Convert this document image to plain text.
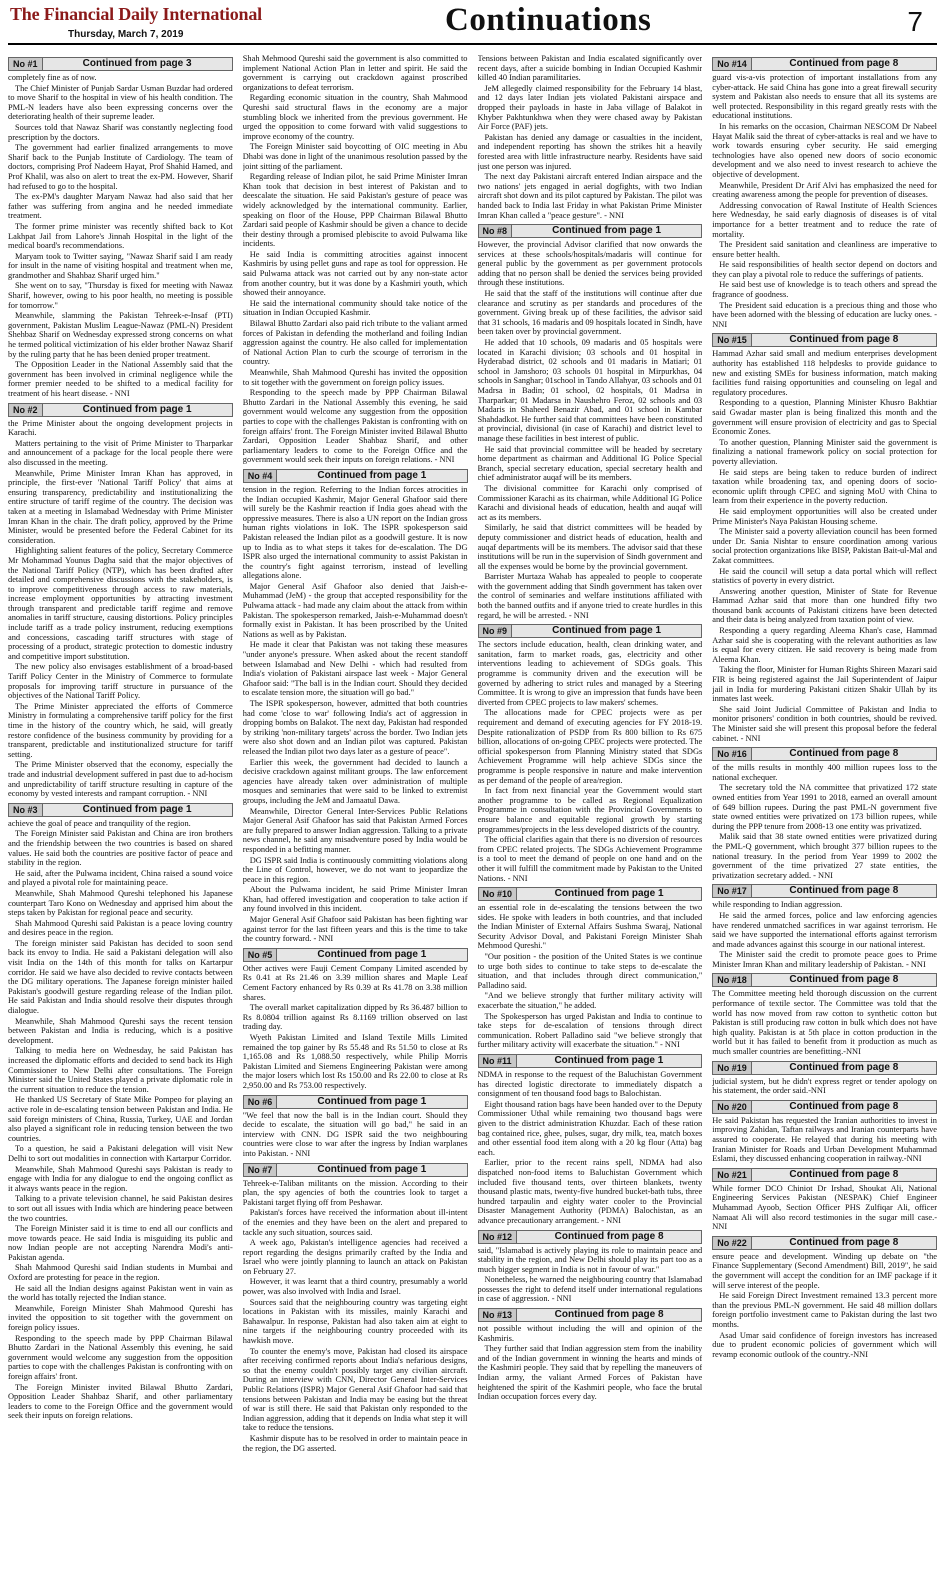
The Financial Daily International
Thursday, March 7, 2019	Continuations	7
No #1	Continued from page 3

completely fine as of now.

The Chief Minister of Punjab Sardar Usman Buzdar had ordered to move Sharif to the hospital in view of his health condition. The PML-N leaders have also been expressing concerns over the deteriorating health of their supreme leader.

Sources told that Nawaz Sharif was constantly neglecting food prescription by the doctors.

The government had earlier finalized arrangements to move Sharif back to the Punjab Institute of Cardiology. The team of doctors, comprising Prof Nadeem Hayat, Prof Shahid Hamed, and Prof Khalil, was also on alert to treat the ex-PM. However, Sharif had refused to go to the hospital.

The ex-PM's daughter Maryam Nawaz had also said that her father was suffering from angina and he needed immediate treatment.

The former prime minister was recently shifted back to Kot Lakhpat Jail from Lahore's Jinnah Hospital in the light of the medical board's recommendations.

Maryam took to Twitter saying, "Nawaz Sharif said I am ready for insult in the name of visiting hospital and treatment when me, grandmother and Shahbaz Sharif urged him."

She went on to say, "Thursday is fixed for meeting with Nawaz Sharif, however, owing to his poor health, no meeting is possible for tomorrow."

Meanwhile, slamming the Pakistan Tehreek-e-Insaf (PTI) government, Pakistan Muslim League-Nawaz (PML-N) President Shehbaz Sharif on Wednesday expressed strong concerns on what he termed political victimization of his elder brother Nawaz Sharif by the ruling party that he has been denied proper treatment.

The Opposition Leader in the National Assembly said that the government has been involved in criminal negligence while the former premier needed to be shifted to a medical facility for treatment of his heart disease. - NNI

No #2	Continued from page 1

the Prime Minister about the ongoing development projects in Karachi.

Matters pertaining to the visit of Prime Minister to Tharparkar and announcement of a package for the local people there were also discussed in the meeting.

Meanwhile, Prime Minister Imran Khan has approved, in principle, the first-ever 'National Tariff Policy' that aims at ensuring transparency, predictability and institutionalizing the entire structure of tariff regime of the country. The decision was taken at a meeting in Islamabad Wednesday with Prime Minister Imran Khan in the chair. The draft policy, approved by the Prime Minister, would be presented before the Federal Cabinet for its consideration.

Highlighting salient features of the policy, Secretary Commerce Mr Mohammad Younus Dagha said that the major objectives of the National Tariff Policy (NTP), which has been drafted after detailed and comprehensive discussions with the stakeholders, is to improve competitiveness through access to raw materials, increase employment opportunities by attracting investment through transparent and predictable tariff regime and remove anomalies in tariff structure, causing distortions. Policy principles include tariff as a trade policy instrument, reducing exemptions and concessions, cascading tariff structures with stage of processing of a product, strategic protection to domestic industry and competitive import substitution.

The new policy also envisages establishment of a broad-based Tariff Policy Center in the Ministry of Commerce to formulate proposals for improving tariff structure in pursuance of the objectives of the National Tariff Policy.

The Prime Minister appreciated the efforts of Commerce Ministry in formulating a comprehensive tariff policy for the first time in the history of the country which, he said, will greatly restore confidence of the business community by providing for a transparent, predictable and institutionalized structure for tariff setting.

The Prime Minister observed that the economy, especially the trade and industrial development suffered in past due to ad-hocism and unpredictability of tariff structure resulting in capture of the economy by vested interests and rampant corruption. - NNI

No #3	Continued from page 1

achieve the goal of peace and tranquility of the region.

The Foreign Minister said Pakistan and China are iron brothers and the friendship between the two countries is based on shared values. He said both the countries are positive factor of peace and stability in the region.

He said, after the Pulwama incident, China raised a sound voice and played a pivotal role for maintaining peace.

Meanwhile, Shah Mahmood Qureshi telephoned his Japanese counterpart Taro Kono on Wednesday and apprised him about the steps taken by Pakistan for regional peace and security.

Shah Mahmood Qureshi said Pakistan is a peace loving country and desires peace in the region.

The foreign minister said Pakistan has decided to soon send back its envoy to India. He said a Pakistani delegation will also visit India on the 14th of this month for talks on Kartarpur corridor. He said we have also decided to revive contacts between the DG military operations. The Japanese foreign minister hailed Pakistan's goodwill gesture regarding release of the Indian pilot. He said Pakistan and India should resolve their disputes through dialogue.

Meanwhile, Shah Mahmood Qureshi says the recent tension between Pakistan and India is reducing, which is a positive development.

Talking to media here on Wednesday, he said Pakistan has increased the diplomatic efforts and decided to send back its High Commissioner to New Delhi after consultations. The Foreign Minister said the United States played a private diplomatic role in the current situation to reduce the tension.

He thanked US Secretary of State Mike Pompeo for playing an active role in de-escalating tension between Pakistan and India. He said foreign ministers of China, Russia, Turkey, UAE and Jordan also played a significant role in reducing tension between the two countries.

To a question, he said a Pakistani delegation will visit New Delhi to sort out modalities in connection with Kartarpur Corridor.

Meanwhile, Shah Mahmood Qureshi says Pakistan is ready to engage with India for any dialogue to end the ongoing conflict as it always wants peace in the region.

Talking to a private television channel, he said Pakistan desires to sort out all issues with India which are hindering peace between the two countries.

The Foreign Minister said it is time to end all our conflicts and move towards peace. He said India is misguiding its public and now Indian people are not accepting Narendra Modi's anti-Pakistan agenda.

Shah Mahmood Qureshi said Indian students in Mumbai and Oxford are protesting for peace in the region.

He said all the Indian designs against Pakistan went in vain as the world has totally rejected the Indian stance.

Meanwhile, Foreign Minister Shah Mahmood Qureshi has invited the opposition to sit together with the government on foreign policy issues.

Responding to the speech made by PPP Chairman Bilawal Bhutto Zardari in the National Assembly this evening, he said government would welcome any suggestion from the opposition parties to cope with the challenges Pakistan is confronting with on foreign affairs' front.

The Foreign Minister invited Bilawal Bhutto Zardari, Opposition Leader Shahbaz Sharif, and other parliamentary leaders to come to the Foreign Office and the government would seek their inputs on foreign relations.

Shah Mehmood Qureshi said the government is also committed to implement National Action Plan in letter and spirit. He said the government is carrying out crackdown against proscribed organizations to defeat terrorism.

Regarding economic situation in the country, Shah Mahmood Qureshi said structural flaws in the economy are a major stumbling block we inherited from the previous government. He urged the opposition to come forward with valid suggestions to improve economy of the country.

The Foreign Minister said boycotting of OIC meeting in Abu Dhabi was done in light of the unanimous resolution passed by the joint sitting of the parliament.

Regarding release of Indian pilot, he said Prime Minister Imran Khan took that decision in best interest of Pakistan and to deescalate the situation. He said Pakistan's gesture of peace was widely acknowledged by the international community. Earlier, speaking on floor of the House, PPP Chairman Bilawal Bhutto Zardari said people of Kashmir should be given a chance to decide their destiny through a promised plebiscite to avoid Pulwama like incidents.

He said India is committing atrocities against innocent Kashmiris by using pellet guns and rape as tool for oppression. He said Pulwama attack was not carried out by any non-state actor from another country, but it was done by a Kashmiri youth, which showed their annoyance.

He said the international community should take notice of the situation in Indian Occupied Kashmir.

Bilawal Bhutto Zardari also paid rich tribute to the valiant armed forces of Pakistan in defending the motherland and foiling Indian aggression against the country. He also called for implementation of National Action Plan to curb the scourge of terrorism in the country.

Meanwhile, Shah Mahmood Qureshi has invited the opposition to sit together with the government on foreign policy issues.

Responding to the speech made by PPP Chairman Bilawal Bhutto Zardari in the National Assembly this evening, he said government would welcome any suggestion from the opposition parties to cope with the challenges Pakistan is confronting with on foreign affairs' front. The Foreign Minister invited Bilawal Bhutto Zardari, Opposition Leader Shahbaz Sharif, and other parliamentary leaders to come to the Foreign Office and the government would seek their inputs on foreign relations. - NNI

No #4	Continued from page 1

tension in the region. Referring to the Indian forces atrocities in the Indian occupied Kashmir, Major General Ghafoor said there will surely be the Kashmir reaction if India goes ahead with the oppressive measures. There is also a UN report on the Indian gross human rights violations in IoK. The ISPR spokesperson said Pakistan released the Indian pilot as a goodwill gesture. It is now up to India as to what steps it takes for de-escalation. The DG ISPR also urged the international community to assist Pakistan in the country's fight against terrorism, instead of levelling allegations alone.

Major General Asif Ghafoor also denied that Jaish-e-Muhammad (JeM) - the group that accepted responsibility for the Pulwama attack - had made any claim about the attack from within Pakistan. The spokesperson remarked, Jaish-e-Muhammad doesn't formally exist in Pakistan. It has been proscribed by the United Nations as well as by Pakistan.

He made it clear that Pakistan was not taking these measures "under anyone's pressure. When asked about the recent standoff between Islamabad and New Delhi - which had resulted from India's violation of Pakistani airspace last week - Major General Ghafoor said: "The ball is in the Indian court. Should they decided to escalate tension more, the situation will go bad."

The ISPR spokesperson, however, admitted that both countries had come 'close to war' following India's act of aggression in dropping bombs on Balakot. The next day, Pakistan had responded by striking 'non-military targets' across the border. Two Indian jets were also shot down and an Indian pilot was captured. Pakistan released the Indian pilot two days later as a gesture of peace".

Earlier this week, the government had decided to launch a decisive crackdown against militant groups. The law enforcement agencies have already taken over administration of multiple mosques and seminaries that were said to be linked to extremist groups, including the JeM and Jamaatul Dawa.

Meanwhile, Director General Inter-Services Public Relations Major General Asif Ghafoor has said that Pakistan Armed Forces are fully prepared to answer Indian aggression. Talking to a private news channel, he said any misadventure posed by India would be responded in a befitting manner.

DG ISPR said India is continuously committing violations along the Line of Control, however, we do not want to jeopardize the peace in this region.

About the Pulwama incident, he said Prime Minister Imran Khan, had offered investigation and cooperation to take action if any found involved in this incident.

Major General Asif Ghafoor said Pakistan has been fighting war against terror for the last fifteen years and this is the time to take the country forward. - NNI

No #5	Continued from page 1

Other actives were Fauji Cement Company Limited ascended by Rs 0.41 at Rs 21.46 on 3.39 million shares and Maple Leaf Cement Factory enhanced by Rs 0.39 at Rs 41.78 on 3.38 million shares.

The overall market capitalization dipped by Rs 36.487 billion to Rs 8.0804 trillion against Rs 8.1169 trillion observed on last trading day.

Wyeth Pakistan Limited and Island Textile Mills Limited remained the top gainer by Rs 55.48 and Rs 51.50 to close at Rs 1,165.08 and Rs 1,088.50 respectively, while Philip Morris Pakistan Limited and Siemens Engineering Pakistan were among the major losers which lost Rs 150.00 and Rs 22.00 to close at Rs 2,950.00 and Rs 753.00 respectively.

No #6	Continued from page 1

"We feel that now the ball is in the Indian court. Should they decide to escalate, the situation will go bad," he said in an interview with CNN. DG ISPR said the two neighbouring countries were close to war after the ingress by Indian warplanes into Pakistan. - NNI

No #7	Continued from page 1

Tehreek-e-Taliban militants on the mission. According to their plan, the spy agencies of both the countries look to target a Pakistani target flying off from Peshawar.

Pakistan's forces have received the information about ill-intent of the enemies and they have been on the alert and prepared to tackle any such situation, sources said.

A week ago, Pakistan's intelligence agencies had received a report regarding the designs primarily crafted by the India and Israel who were jointly planning to launch an attack on Pakistan on February 27.

However, it was learnt that a third country, presumably a world power, was also involved with India and Israel.

Sources said that the neighbouring country was targeting eight locations in Pakistan with its missiles, mainly Karachi and Bahawalpur. In response, Pakistan had also taken aim at eight to nine targets if the neighbouring country proceeded with its hawkish move.

To counter the enemy's move, Pakistan had closed its airspace after receiving confirmed reports about India's nefarious designs, so that the enemy couldn't possibly target any civilian aircraft. During an interview with CNN, Director General Inter-Services Public Relations (ISPR) Major General Asif Ghafoor had said that tensions between Pakistan and India may be easing but the threat of war is still there. He said that Pakistan only responded to the Indian aggression, adding that it depends on India what step it will take to reduce the tensions.

Kashmir dispute has to be resolved in order to maintain peace in the region, the DG asserted.

Tensions between Pakistan and India escalated significantly over recent days, after a suicide bombing in Indian Occupied Kashmir killed 40 Indian paramilitaries.

JeM allegedly claimed responsibility for the February 14 blast, and 12 days later Indian jets violated Pakistani airspace and dropped their payloads in haste in Jaba village of Balakot in Khyber Pakhtunkhwa when they were chased away by Pakistan Air Force (PAF) jets.

Pakistan has denied any damage or casualties in the incident, and independent reporting has shown the strikes hit a heavily forested area with little infrastructure nearby. Residents have said just one person was injured.

The next day Pakistani aircraft entered Indian airspace and the two nations' jets engaged in aerial dogfights, with two Indian aircraft shot down and its pilot captured by Pakistan. The pilot was handed back to India last Friday in what Pakistan Prime Minister Imran Khan called a "peace gesture". - NNI

No #8	Continued from page 1

However, the provincial Advisor clarified that now onwards the services at these schools/hospitals/madaris will continue for general public by the government as per government protocols adding that no person shall be denied the services being provided through these institutions.

He said that the staff of the institutions will continue after due clearance and scrutiny as per standards and procedures of the government. Giving break up of these facilities, the advisor said that 31 schools, 16 madaris and 09 hospitals located in Sindh, have been taken over by provincial government.

He added that 10 schools, 09 madaris and 05 hospitals were located in Karachi division; 03 schools and 01 hospital in Hyderabad district, 02 schools and 01 madaris in Matiari; 01 school in Jamshoro; 03 schools 01 hospital in Mirpurkhas, 04 schools in Sanghar; 01school in Tando Allahyar, 03 schools and 01 Madrsa in Badin; 01 school, 02 hospitals, 01 Madrsa in Tharparkar; 01 Madarsa in Naushehro Feroz, 02 schools and 03 Madaris in Shaheed Benazir Abad, and 01 school in Kambar Shahdadkot. He further said that committees have been constituted at provincial, divisional (in case of Karachi) and district level to manage these facilities in best interest of public.

He said that provincial committee will be headed by secretary home department as chairman and Additional IG Police Special Branch, special secretary education, special secretary health and chief administrator auqaf will be its members.

The divisional committee for Karachi only comprised of Commissioner Karachi as its chairman, while Additional IG Police Karachi and divisional heads of education, health and auqaf will act as its members.

Similarly, he said that district committees will be headed by deputy commissioner and district heads of education, health and auqaf departments will be its members. The advisor said that these institutions will be run in the supervision of Sindh government and all the expenses would be borne by the provincial government.

Barrister Murtaza Wahab has appealed to people to cooperate with the government adding that Sindh government has taken over the control of seminaries and welfare institutions affiliated with both the banned outfits and if anyone tried to create hurdles in this regard, he will be arrested. - NNI

No #9	Continued from page 1

The sectors include education, health, clean drinking water, and sanitation, farm to market roads, gas, electricity and other interventions leading to achievement of SDGs goals. This programme is community driven and the execution will be governed by adhering to strict rules and managed by a Steering Committee. It is wrong to give an impression that funds have been diverted from CPEC projects to law makers' schemes.

The allocations made for CPEC projects were as per requirement and demand of executing agencies for FY 2018-19. Despite rationalization of PSDP from Rs 800 billion to Rs 675 billion, allocations of on-going CPEC projects were protected. The official spokesperson from Planning Ministry stated that SDGs Achievement Programme will help achieve SDGs since the programme is people responsive in nature and make intervention as per demand of the people of area/region.

In fact from next financial year the Government would start another programme to be called as Regional Equalization Programme in consultation with the Provincial Governments to ensure balance and equitable regional growth by starting programmes/projects in the less developed districts of the country.

The official clarifies again that there is no diversion of resources from CPEC related projects. The SDGs Achievement Programme is a tool to meet the demand of people on one hand and on the other it will fulfill the commitment made by Pakistan to the United Nations. - NNI

No #10	Continued from page 1

an essential role in de-escalating the tensions between the two sides. He spoke with leaders in both countries, and that included the Indian Minister of External Affairs Sushma Swaraj, National Security Advisor Doval, and Pakistani Foreign Minister Shah Mehmood Qureshi."

"Our position - the position of the United States is we continue to urge both sides to continue to take steps to de-escalate the situation, and that includes through direct communication," Palladino said.

"And we believe strongly that further military activity will exacerbate the situation," he added.

The Spokesperson has urged Pakistan and India to continue to take steps for de-escalation of tensions through direct communication. Robert Palladino said "we believe strongly that further military activity will exacerbate the situation." - NNI

No #11	Continued from page 1

NDMA in response to the request of the Baluchistan Government has directed logistic directorate to immediately dispatch a consignment of ten thousand food bags to Balochistan.

Eight thousand ration bags have been handed over to the Deputy Commissioner Uthal while remaining two thousand bags were given to the district administration Khuzdar. Each of these ration bag contained rice, ghee, pulses, sugar, dry milk, tea, match boxes and other essential food item along with a 20 kg flour (Atta) bag each.

Earlier, prior to the recent rains spell, NDMA had also dispatched non-food items to Baluchistan Government which included five thousand tents, over thirteen blankets, twenty thousand plastic mats, twenty-five hundred bucket-bath tubs, three hundred tarpaulin and eighty water cooler to the Provincial Disaster Management Authority (PDMA) Balochistan, as an advance precautionary arrangement. - NNI

No #12	Continued from page 8

said, "Islamabad is actively playing its role to maintain peace and stability in the region, and New Delhi should play its part too as a much bigger segment in India is not in favour of war."

Nonetheless, he warned the neighbouring country that Islamabad possesses the right to defend itself under international regulations in case of aggression. - NNI

No #13	Continued from page 8

not possible without including the will and opinion of the Kashmiris.

They further said that Indian aggression stem from the inability and of the Indian government in winning the hearts and minds of the Kashmiri people. They said that by repelling the maneuvers of Indian army, the valiant Armed Forces of Pakistan have heightened the spirit of the Kashmiri people, who face the brutal Indian occupation forces every day.

No #14	Continued from page 8

guard vis-a-vis protection of important installations from any cyber-attack. He said China has gone into a great firewall security system and Pakistan also needs to ensure that all its systems are well protected. Responsibility in this regard greatly rests with the educational institutions.

In his remarks on the occasion, Chairman NESCOM Dr Nabeel Hayat Malik said the threat of cyber-attacks is real and we have to work towards ensuring cyber security. He said emerging technologies have also opened new doors of socio economic development and we also need to invest research to achieve the objective of development.

Meanwhile, President Dr Arif Alvi has emphasized the need for creating awareness among the people for prevention of diseases.

Addressing convocation of Rawal Institute of Health Sciences here Wednesday, he said early diagnosis of diseases is of vital importance for a better treatment and to reduce the rate of mortality.

The President said sanitation and cleanliness are imperative to ensure better health.

He said responsibilities of health sector depend on doctors and they can play a pivotal role to reduce the sufferings of patients.

He said best use of knowledge is to teach others and spread the fragrance of goodness.

The President said education is a precious thing and those who have been adorned with the blessing of education are lucky ones. - NNI

No #15	Continued from page 8

Hammad Azhar said small and medium enterprises development authority has established 118 helpdesks to provide guidance to new and existing SMEs for business information, match making facilities fund raising opportunities and counseling on legal and regulatory procedures.

Responding to a question, Planning Minister Khusro Bakhtiar said Gwadar master plan is being finalized this month and the government will ensure provision of electricity and gas to Special Economic Zones.

To another question, Planning Minister said the government is finalizing a national framework policy on social protection for poverty alleviation.

He said steps are being taken to reduce burden of indirect taxation while broadening tax, and opening doors of socio-economic uplift through CPEC and signing MoU with China to learn from their experience in the poverty reduction.

He said employment opportunities will also be created under Prime Minister's Naya Pakistan Housing scheme.

The Minister said a poverty alleviation council has been formed under Dr. Sania Nishtar to ensure coordination among various social protection organizations like BISP, Pakistan Bait-ul-Mal and Zakat committees.

He said the council will setup a data portal which will reflect statistics of poverty in every district.

Answering another question, Minister of State for Revenue Hammad Azhar said that more than one hundred fifty two thousand bank accounts of Pakistani citizens have been detected and their data is being analyzed from taxation point of view.

Responding a query regarding Aleema Khan's case, Hammad Azhar said she is cooperating with the relevant authorities as law is equal for every citizen. He said recovery is being made from Aleema Khan.

Taking the floor, Minister for Human Rights Shireen Mazari said FIR is being registered against the Jail Superintendent of Jaipur jail in India for murdering Pakistani citizen Shakir Ullah by its inmates last week.

She said Joint Judicial Committee of Pakistan and India to monitor prisoners' condition in both countries, should be revived. The Minister said she will present this proposal before the federal cabinet. - NNI

No #16	Continued from page 8

of the mills results in monthly 400 million rupees loss to the national exchequer.

The secretary told the NA committee that privatized 172 state owned entities from Year 1991 to 2018, earned an overall amount of 649 billion rupees. During the past PML-N government five state owned entities were privatized on 173 billion rupees, while during the PPP tenure from 2008-13 one entity was privatized.

Malik said that 38 state owned entities were privatized during the PML-Q government, which brought 377 billion rupees to the national treasury. In the period from Year 1999 to 2002 the government of the time privatized 27 state entities, the privatization secretary added. - NNI

No #17	Continued from page 8

while responding to Indian aggression.

He said the armed forces, police and law enforcing agencies have rendered unmatched sacrifices in war against terrorism. He said we have supported the international efforts against terrorism and made advances against this scourge in our national interest.

The Minister said the credit to promote peace goes to Prime Minister Imran Khan and military leadership of Pakistan. - NNI

No #18	Continued from page 8

The Committee meeting held thorough discussion on the current performance of textile sector. The Committee was told that the world has now moved from raw cotton to synthetic cotton but Pakistan is still producing raw cotton in bulk which does not have high quality. Pakistan is at 5th place in cotton production in the world but it has failed to benefit from it production as much as much smaller countries are benefitting.-NNI

No #19	Continued from page 8

judicial system, but he didn't express regret or tender apology on his statement, the order said.-NNI

No #20	Continued from page 8

He said Pakistan has requested the Iranian authorities to invest in improving Zahidan, Taftan railways and Iranian counterparts have assured to cooperate. He relayed that during his meeting with Iranian Minister for Roads and Urban Development Muhammad Eslami, they discussed enhancing cooperation in railway.-NNI

No #21	Continued from page 8

While former DCO Chiniot Dr Irshad, Shoukat Ali, National Engineering Services Pakistan (NESPAK) Chief Engineer Muhammad Ayoob, Section Officer PHS Zulfiqar Ali, officer Namaat Ali will also record testimonies in the sugar mill case.-NNI

No #22	Continued from page 8

ensure peace and development. Winding up debate on "the Finance Supplementary (Second Amendment) Bill, 2019", he said the government will accept the condition for an IMF package if it will serve interest of the people.

He said Foreign Direct Investment remained 13.3 percent more than the previous PML-N government. He said 48 million dollars foreign portfolio investment came to Pakistan during the last two months.

Asad Umar said confidence of foreign investors has increased due to prudent economic policies of government which will revamp economic outlook of the country.-NNI
